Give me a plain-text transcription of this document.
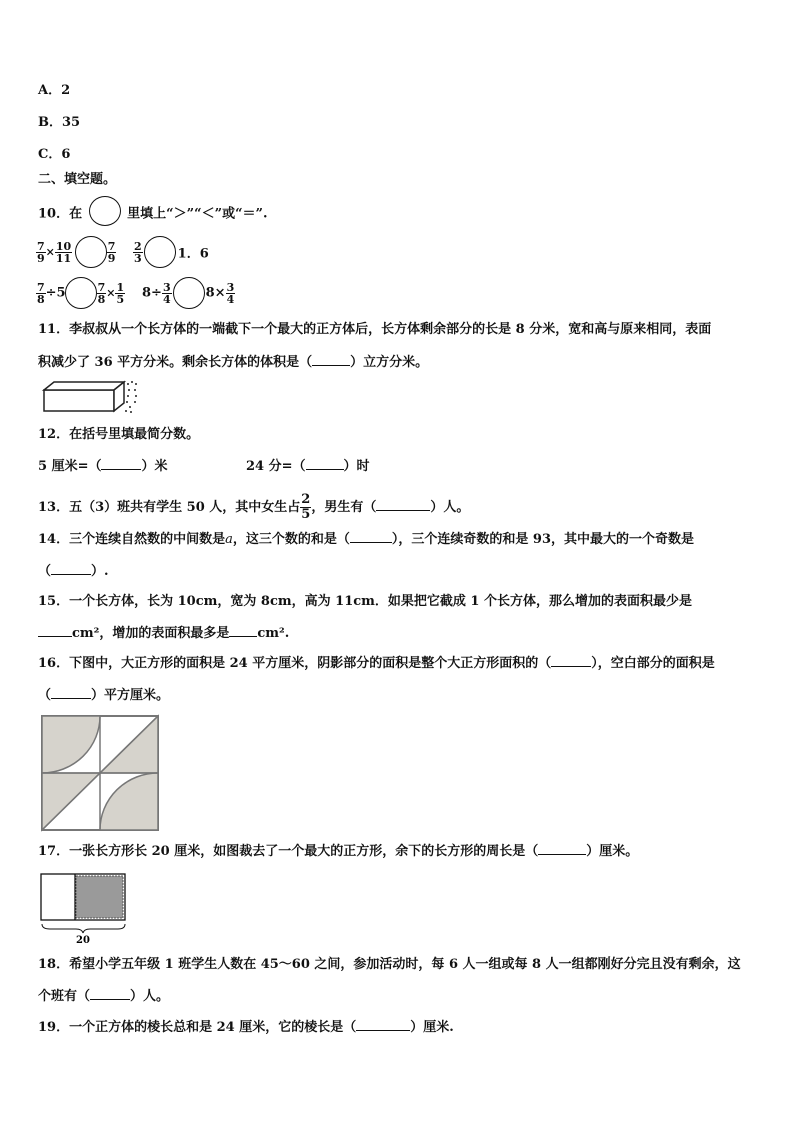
A．2
B．35
C．6
二、填空题。
10．在	里填上“＞”“＜”或“＝”.
$\frac{7}{9} \times \frac{10}{11}$
	$\frac{7}{9} \frac{2}{3}$	1．6
$\frac{7}{8} \div 5$	$\frac{7}{8} \times \frac{1}{5} 8\div \frac{3}{4}$	$8\times \frac{3}{4}$
11．李叔叔从一个长方体的一端截下一个最大的正方体后，长方体剩余部分的长是 8 分米，宽和高与原来相同，表面
积减少了 36 平方分米。剩余长方体的体积是（	）立方分米。
12．在括号里填最简分数。
5 厘米=（	）米	24 分=（	）时
13．五（3）班共有学生 50 人，其中女生占 $\frac{2}{5}$ ，男生有（	）人。
14．三个连续自然数的中间数是a，这三个数的和是（	），三个连续奇数的和是 93，其中最大的一个奇数是
（	）.
15．一个长方体，长为 10cm，宽为 8cm，高为 11cm．如果把它截成 1 个长方体，那么增加的表面积最少是
cm²，增加的表面积最多是 cm².
16．下图中，大正方形的面积是 24 平方厘米，阴影部分的面积是整个大正方形面积的（	），空白部分的面积是
（	）平方厘米。
17．一张长方形长 20 厘米，如图裁去了一个最大的正方形，余下的长方形的周长是（	）厘米。
20
18．希望小学五年级 1 班学生人数在 45～60 之间，参加活动时，每 6 人一组或每 8 人一组都刚好分完且没有剩余，这
个班有（	）人。
19．一个正方体的棱长总和是 24 厘米，它的棱长是（	）厘米.
